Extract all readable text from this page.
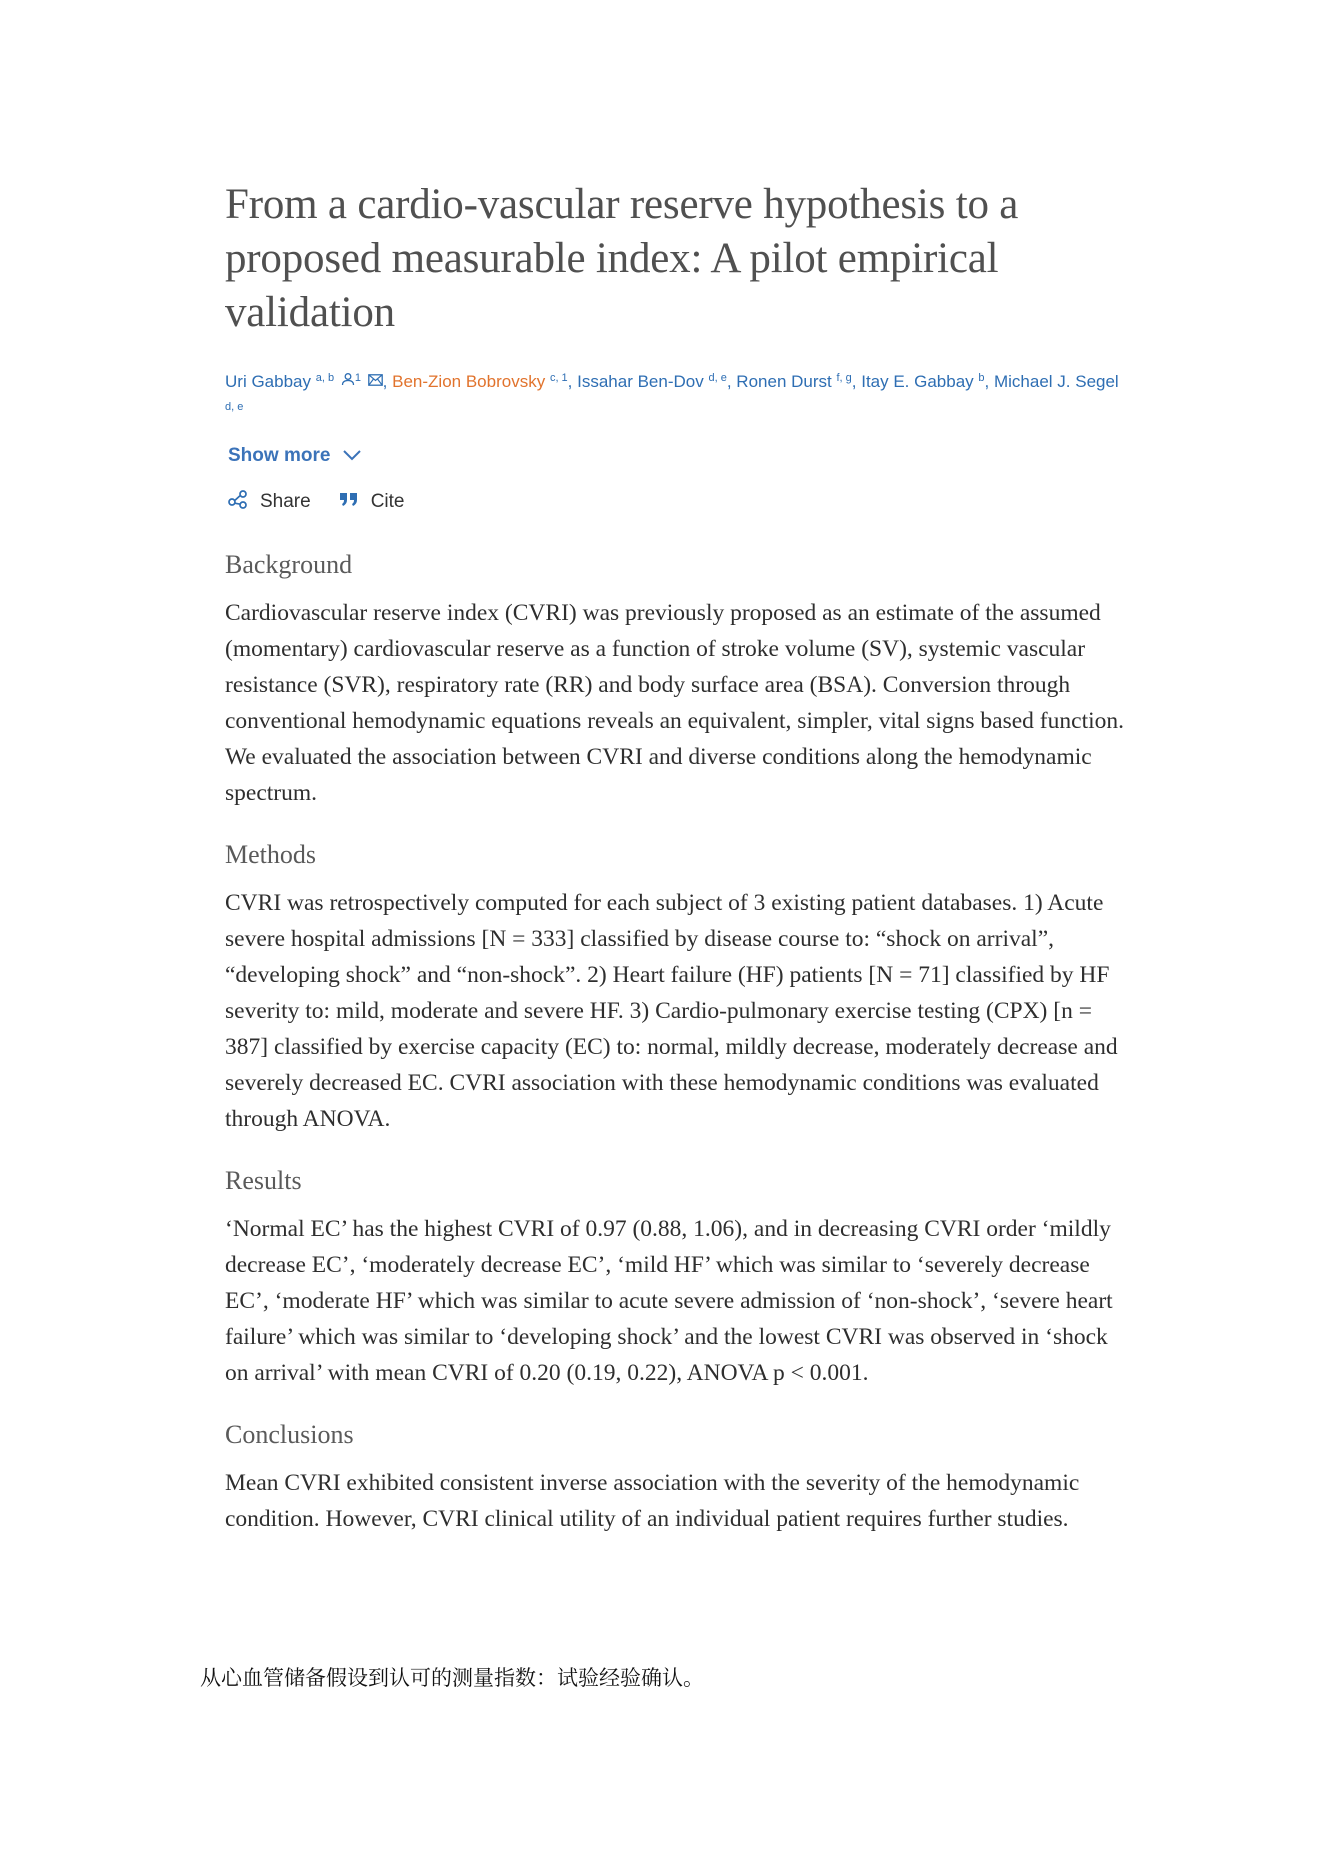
From a cardio-vascular reserve hypothesis to a proposed measurable index: A pilot empirical validation
Uri Gabbay $^{a, b}$ $^1$ , Ben-Zion Bobrovsky $^{c, 1}$, Issahar Ben-Dov $^{d, e}$, Ronen Durst $^{f, g}$, Itay E. Gabbay $^b$, Michael J. Segel $^{d, e}$
Show more
Share	Cite
Background

Cardiovascular reserve index (CVRI) was previously proposed as an estimate of the assumed (momentary) cardiovascular reserve as a function of stroke volume (SV), systemic vascular resistance (SVR), respiratory rate (RR) and body surface area (BSA). Conversion through conventional hemodynamic equations reveals an equivalent, simpler, vital signs based function. We evaluated the association between CVRI and diverse conditions along the hemodynamic spectrum.

Methods

CVRI was retrospectively computed for each subject of 3 existing patient databases. 1) Acute severe hospital admissions [N = 333] classified by disease course to: “shock on arrival”, “developing shock” and “non-shock”. 2) Heart failure (HF) patients [N = 71] classified by HF severity to: mild, moderate and severe HF. 3) Cardio-pulmonary exercise testing (CPX) [n = 387] classified by exercise capacity (EC) to: normal, mildly decrease, moderately decrease and severely decreased EC. CVRI association with these hemodynamic conditions was evaluated through ANOVA.

Results

‘Normal EC’ has the highest CVRI of 0.97 (0.88, 1.06), and in decreasing CVRI order ‘mildly decrease EC’, ‘moderately decrease EC’, ‘mild HF’ which was similar to ‘severely decrease EC’, ‘moderate HF’ which was similar to acute severe admission of ‘non-shock’, ‘severe heart failure’ which was similar to ‘developing shock’ and the lowest CVRI was observed in ‘shock on arrival’ with mean CVRI of 0.20 (0.19, 0.22), ANOVA p < 0.001.

Conclusions

Mean CVRI exhibited consistent inverse association with the severity of the hemodynamic condition. However, CVRI clinical utility of an individual patient requires further studies.

从心血管储备假设到认可的测量指数：试验经验确认。
